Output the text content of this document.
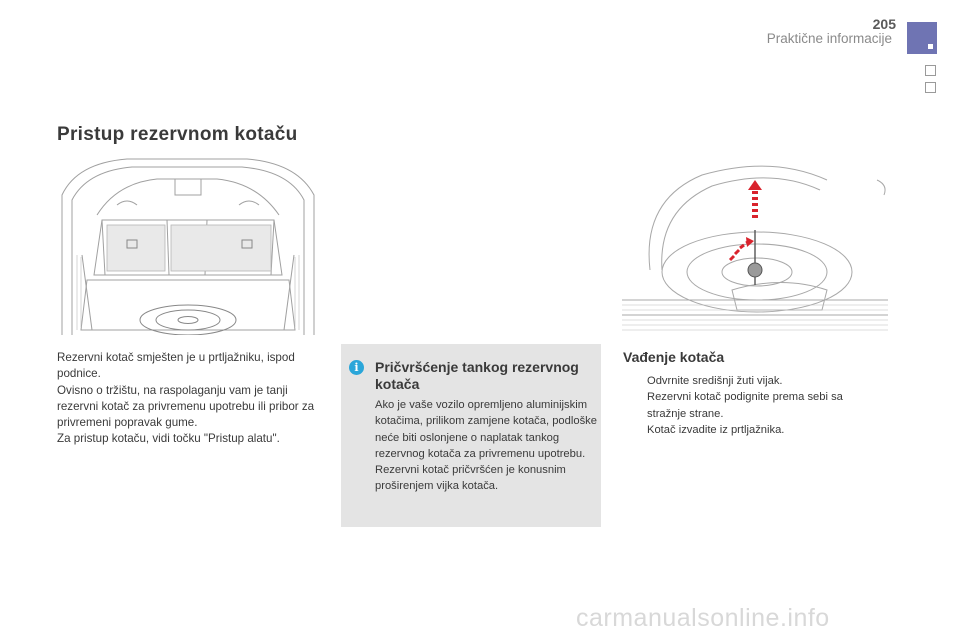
205
Praktične informacije
Pristup rezervnom kotaču

Rezervni kotač smješten je u prtljažniku, ispod podnice.

Ovisno o tržištu, na raspolaganju vam je tanji rezervni kotač za privremenu upotrebu ili pribor za privremeni popravak gume.

Za pristup kotaču, vidi točku "Pristup alatu".

i	Pričvršćenje tankog rezervnog kotača
Ako je vaše vozilo opremljeno aluminijskim kotačima, prilikom zamjene kotača, podloške neće biti oslonjene o naplatak tankog rezervnog kotača za privremenu upotrebu. Rezervni kotač pričvršćen je konusnim proširenjem vijka kotača.
Vađenje kotača
Odvrnite središnji žuti vijak.
Rezervni kotač podignite prema sebi sa stražnje strane.
Kotač izvadite iz prtljažnika.
carmanualsonline.info
